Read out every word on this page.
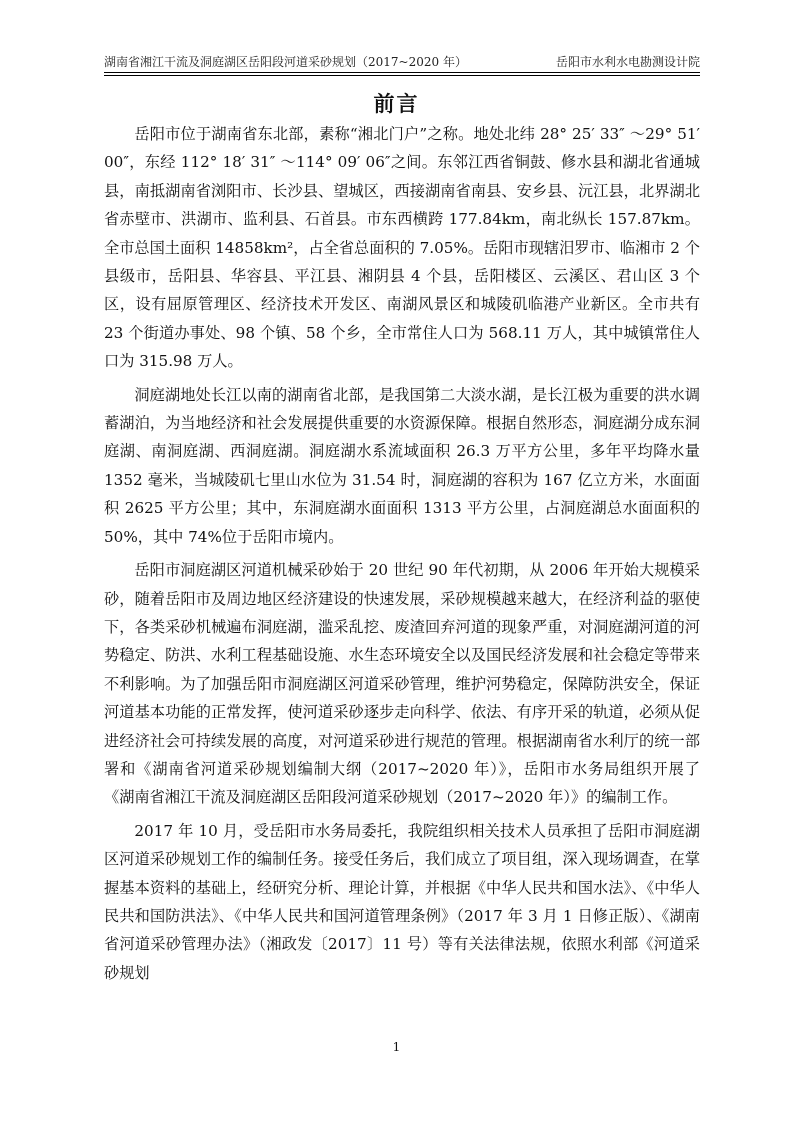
湖南省湘江干流及洞庭湖区岳阳段河道采砂规划（2017~2020 年）	岳阳市水利水电勘测设计院
前言

岳阳市位于湖南省东北部，素称“湘北门户”之称。地处北纬 28° 25′ 33″ ～29° 51′ 00″，东经 112° 18′ 31″ ～114° 09′ 06″之间。东邻江西省铜鼓、修水县和湖北省通城县，南抵湖南省浏阳市、长沙县、望城区，西接湖南省南县、安乡县、沅江县，北界湖北省赤壁市、洪湖市、监利县、石首县。市东西横跨 177.84km，南北纵长 157.87km。全市总国土面积 14858km²，占全省总面积的 7.05%。岳阳市现辖汨罗市、临湘市 2 个县级市，岳阳县、华容县、平江县、湘阴县 4 个县，岳阳楼区、云溪区、君山区 3 个区，设有屈原管理区、经济技术开发区、南湖风景区和城陵矶临港产业新区。全市共有 23 个街道办事处、98 个镇、58 个乡，全市常住人口为 568.11 万人，其中城镇常住人口为 315.98 万人。

洞庭湖地处长江以南的湖南省北部，是我国第二大淡水湖，是长江极为重要的洪水调蓄湖泊，为当地经济和社会发展提供重要的水资源保障。根据自然形态，洞庭湖分成东洞庭湖、南洞庭湖、西洞庭湖。洞庭湖水系流域面积 26.3 万平方公里，多年平均降水量 1352 毫米，当城陵矶七里山水位为 31.54 时，洞庭湖的容积为 167 亿立方米，水面面积 2625 平方公里；其中，东洞庭湖水面面积 1313 平方公里，占洞庭湖总水面面积的 50%，其中 74%位于岳阳市境内。

岳阳市洞庭湖区河道机械采砂始于 20 世纪 90 年代初期，从 2006 年开始大规模采砂，随着岳阳市及周边地区经济建设的快速发展，采砂规模越来越大，在经济利益的驱使下，各类采砂机械遍布洞庭湖，滥采乱挖、废渣回弃河道的现象严重，对洞庭湖河道的河势稳定、防洪、水利工程基础设施、水生态环境安全以及国民经济发展和社会稳定等带来不利影响。为了加强岳阳市洞庭湖区河道采砂管理，维护河势稳定，保障防洪安全，保证河道基本功能的正常发挥，使河道采砂逐步走向科学、依法、有序开采的轨道，必须从促进经济社会可持续发展的高度，对河道采砂进行规范的管理。根据湖南省水利厅的统一部署和《湖南省河道采砂规划编制大纲（2017~2020 年）》，岳阳市水务局组织开展了《湖南省湘江干流及洞庭湖区岳阳段河道采砂规划（2017~2020 年）》的编制工作。

2017 年 10 月，受岳阳市水务局委托，我院组织相关技术人员承担了岳阳市洞庭湖区河道采砂规划工作的编制任务。接受任务后，我们成立了项目组，深入现场调查，在掌握基本资料的基础上，经研究分析、理论计算，并根据《中华人民共和国水法》、《中华人民共和国防洪法》、《中华人民共和国河道管理条例》（2017 年 3 月 1 日修正版）、《湖南省河道采砂管理办法》（湘政发〔2017〕11 号）等有关法律法规，依照水利部《河道采砂规划

1
